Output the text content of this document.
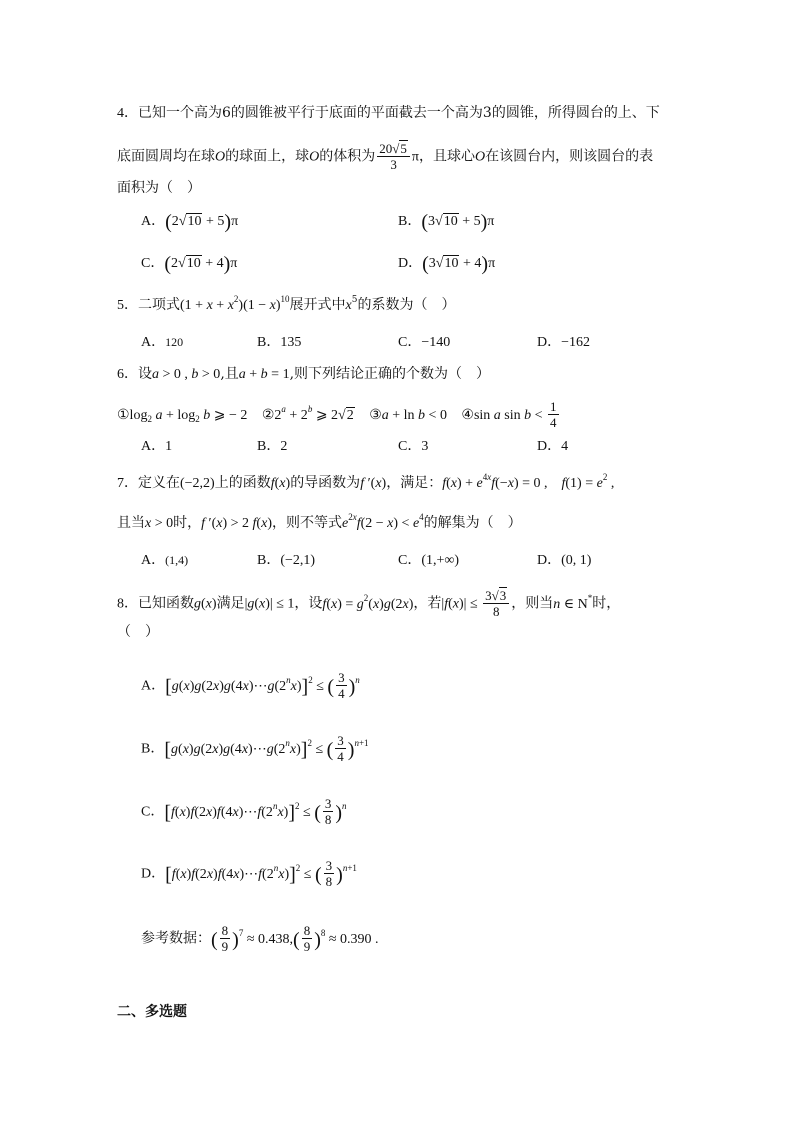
4．已知一个高为6的圆锥被平行于底面的平面截去一个高为3的圆锥，所得圆台的上、下
底面圆周均在球O的球面上，球O的体积为 $\frac{20√5}{3}$ π，且球心O在该圆台内，则该圆台的表
面积为（　）
A．(2√10 + 5)π	B．(3√10 + 5)π
C．(2√10 + 4)π	D．(3√10 + 4)π
5．二项式$(1 + x + x^2)(1 - x)^{10}$展开式中$x^5$的系数为（　）
A．120	B．135	C．−140	D．−162
6．设a > 0 , b > 0,且a + b = 1,则下列结论正确的个数为（　）
$①\log_2$ $a + \log_2 b$ ⩾ − 2 $②2^a + 2^b$ ⩾ 2√2 ③a + ln b < 0 ④sin a $\sin b < \frac{1}{4}$
A．1	B．2	C．3	D．4
7．定义在(−2,2)上的函数f(x)的导函数为f ′(x)，满足：$f(x) + e^{4x}f(-x) = 0$ ,    $f(1) = e^2$ ,
且当x > 0时，f ′(x) > 2 f(x)，则不等式$e^{2x}f(2 - x) < e^4$的解集为（　）
A．(1,4)	B．(−2,1)	C．(1,+∞)	D．(0, 1)
8．已知函数g(x)满足|g(x)| ≤ 1，设$f(x) = g^2(x)g(2x)$，若$|f(x)| \le \frac{3√3}{8}$ ，则当n ∈ N*时，
（　）
A．$[g(x)g(2x)g(4x)\cdots g(2^nx)]^2$ ≤ ( $\frac{3}{4} )^n$
B．$[g(x)g(2x)g(4x)\cdots g(2^nx)]^2$ ≤ ( $\frac{3}{4} )^{n+1}$
C．$[f(x)f(2x)f(4x)\cdots f(2^nx)]^2$ ≤ ( $\frac{3}{8} )^n$
D．$[f(x)f(2x)f(4x)\cdots f(2^nx)]^2$ ≤ ( $\frac{3}{8} )^{n+1}$
参考数据：( $\frac{8}{9} )^7 \approx 0.438,( \frac{8}{9} )^8 \approx 0.390$ .
二、多选题
